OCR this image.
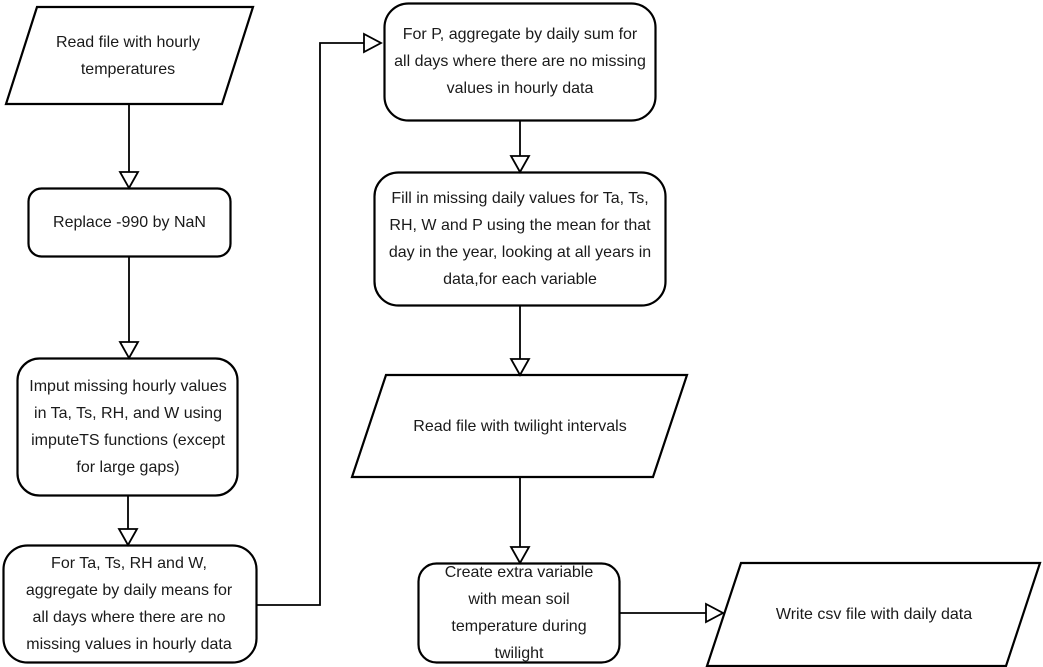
Read file with hourly temperatures
Replace -990 by NaN
Imput missing hourly values in Ta, Ts, RH, and W using imputeTS functions (except for large gaps)
For Ta, Ts, RH and W, aggregate by daily means for all days where there are no missing values in hourly data
For P, aggregate by daily sum for all days where there are no missing values in hourly data
Fill in missing daily values for Ta, Ts, RH, W and P using the mean for that day in the year, looking at all years in data,for each variable
Read file with twilight intervals
Create extra variable with mean soil temperature during twilight
Write csv file with daily data
